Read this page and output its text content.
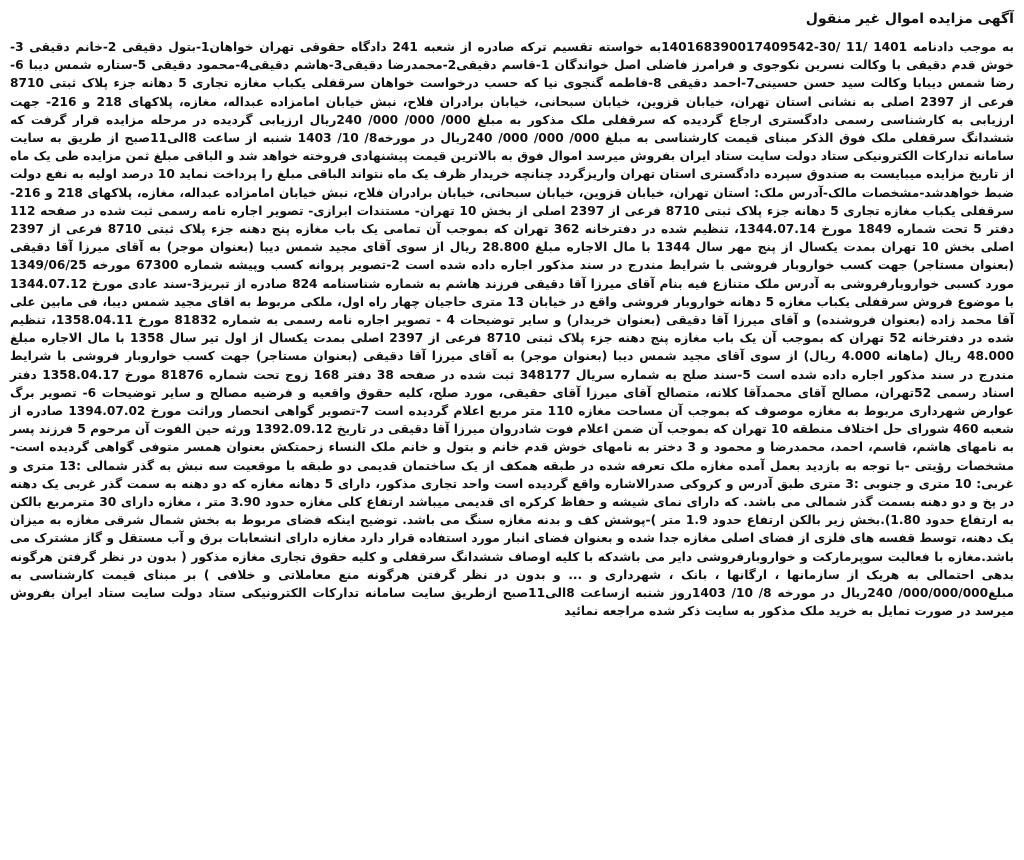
آگهی مزایده اموال غیر منقول

به موجب دادنامه 14016839001740954‪2‬-30/ 11/ 1401به خواسته تقسیم ترکه صادره از شعبه 241 دادگاه حقوقی تهران خواهان1-بتول دقیقی 2-خانم دقیقی 3-خوش قدم دقیقی با وکالت نسرین نکوجوی و فرامرز فاضلی اصل خواندگان 1-قاسم دقیقی2-محمدرضا دقیقی3-هاشم دقیقی4-محمود دقیقی 5-ستاره شمس دیبا 6-رضا شمس دیبابا وکالت سید حسن حسینی7-احمد دقیقی 8-فاطمه گنجوی نیا که حسب درخواست خواهان سرقفلی یکباب مغازه تجاری 5 دهانه جزء پلاک ثبتی 8710 فرعی از 2397 اصلی به نشانی استان تهران، خیابان قزوین، خیابان سبحانی، خیابان برادران فلاح، نبش خیابان امامزاده عبداله، مغازه، پلاکهای 218 و 216- جهت ارزیابی به کارشناسی رسمی دادگستری ارجاع گردیده که سرقفلی ملک مذکور به مبلغ 000/ 000/ 000/ 240ریال ارزیابی گردیده در مرحله مزایده قرار گرفت که ششدانگ سرقفلی ملک فوق الذکر مبنای قیمت کارشناسی به مبلغ 000/ 000/ 000/ 240ریال در مورخه8/ 10/ 1403 شنبه از ساعت 8الی11صبح از طریق به سایت سامانه تدارکات الکترونیکی ستاد دولت سایت ستاد ایران بفروش میرسد اموال فوق به بالاترین قیمت پیشنهادی فروخته خواهد شد و الباقی مبلغ ثمن مزایده طی یک ماه از تاریخ مزایده میبایست به صندوق سپرده دادگستری استان تهران واریزگردد چنانچه خریدار ظرف یک ماه نتواند الباقی مبلغ را پرداخت نماید 10 درصد اولیه به نفع دولت ضبط خواهدشد-مشخصات مالک-آدرس ملک: استان تهران، خیابان قزوین، خیابان سبحانی، خیابان برادران فلاح، نبش خیابان امامزاده عبداله، مغازه، پلاکهای 218 و 216- سرقفلی یکباب مغازه تجاری 5 دهانه جزء پلاک ثبتی 8710 فرعی از 2397 اصلی از بخش 10 تهران- مستندات ابرازی- تصویر اجاره نامه رسمی ثبت شده در صفحه 112 دفتر 5 تحت شماره 1849 مورخ 1344.07.14، تنظیم شده در دفترخانه 362 تهران که بموجب آن تمامی یک باب مغازه پنج دهنه جزء پلاک ثبتی 8710 فرعی از 2397 اصلی بخش 10 تهران بمدت یکسال از پنج مهر سال 1344 با مال الاجاره مبلغ 28.800 ریال از سوی آقای مجید شمس دیبا (بعنوان موجر) به آقای میرزا آقا دقیقی (بعنوان مستاجر) جهت کسب خواروبار فروشی با شرایط مندرج در سند مذکور اجاره داده شده است 2-تصویر پروانه کسب وپیشه شماره 67300 مورخه 1349/06/25 مورد کسبی خواروبارفروشی به آدرس ملک متنازع فیه بنام آقای میرزا آقا دقیقی فرزند هاشم به شماره شناسنامه 824 صادره از تبریز3-سند عادی مورخ 1344.07.12 با موضوع فروش سرقفلی یکباب مغازه 5 دهانه خواروبار فروشی واقع در خیابان 13 متری حاجیان چهار راه اول، ملکی مربوط به اقای مجید شمس دیبا، فی مابین علی آقا محمد زاده (بعنوان فروشنده) و آقای میرزا آقا دقیقی (بعنوان خریدار) و سایر توضیحات 4 - تصویر اجاره نامه رسمی به شماره 81832 مورخ 1358.04.11، تنظیم شده در دفترخانه 52 تهران که بموجب آن یک باب مغازه پنج دهنه جزء پلاک ثبتی 8710 فرعی از 2397 اصلی بمدت یکسال از اول تیر سال 1358 با مال الاجاره مبلغ 48.000 ریال (ماهانه 4.000 ریال) از سوی آقای مجید شمس دیبا (بعنوان موجر) به آقای میرزا آقا دقیقی (بعنوان مستاجر) جهت کسب خواروبار فروشی با شرایط مندرج در سند مذکور اجاره داده شده است 5-سند صلح به شماره سریال 348177 ثبت شده در صفحه 38 دفتر 168 زوج تحت شماره 81876 مورخ 1358.04.17 دفتر اسناد رسمی 52تهران، مصالح آقای محمدآقا کلانه، متصالح آقای میرزا آقای حقیقی، مورد صلح، کلیه حقوق واقعیه و فرضیه مصالح و سایر توضیحات 6- تصویر برگ عوارض شهرداری مربوط به مغازه موصوف که بموجب آن مساحت مغازه 110 متر مربع اعلام گردیده است 7-تصویر گواهی انحصار وراثت مورخ 1394.07.02 صادره از شعبه 460 شورای حل اختلاف منطقه 10 تهران که بموجب آن ضمن اعلام فوت شادروان میرزا آقا دقیقی در تاریخ 1392.09.12 ورثه حین الفوت آن مرحوم 5 فرزند پسر به نامهای هاشم، قاسم، احمد، محمدرضا و محمود و 3 دختر به نامهای خوش قدم خانم و بتول و خانم ملک النساء زحمتکش بعنوان همسر متوفی گواهی گردیده است-مشخصات رؤیتی -با توجه به بازدید بعمل آمده مغازه ملک تعرفه شده در طبقه همکف از یک ساختمان قدیمی دو طبقه با موقعیت سه نبش به گذر شمالی :13 متری و غربی: 10 متری و جنوبی :3 متری طبق آدرس و کروکی صدرالاشاره واقع گردیده است واحد تجاری مذکور، دارای 5 دهانه مغازه که دو دهنه به سمت گذر غربی یک دهنه در پخ و دو دهنه بسمت گذر شمالی می باشد. که دارای نمای شیشه و حفاظ کرکره ای قدیمی میباشد ارتفاع کلی مغازه حدود 3.90 متر ، مغازه دارای 30 مترمربع بالکن به ارتفاع حدود 1.80).بخش زیر بالکن ارتفاع حدود 1.9 متر )-پوشش کف و بدنه مغازه سنگ می باشد. توضیح اینکه فضای مربوط به بخش شمال شرقی مغازه به میزان یک دهنه، توسط قفسه های فلزی از فضای اصلی مغازه جدا شده و بعنوان فضای انبار مورد استفاده قرار دارد مغازه دارای انشعابات برق و آب مستقل و گاز مشترک می باشد.مغازه با فعالیت سوپرمارکت و خواروبارفروشی دایر می باشدکه با کلیه اوصاف ششدانگ سرقفلی و کلیه حقوق تجاری مغازه مذکور ( بدون در نظر گرفتن هرگونه بدهی احتمالی به هریک از سازمانها ، ارگانها ، بانک ، شهرداری و ... و بدون در نظر گرفتن هرگونه منع معاملاتی و خلافی ) بر مبنای قیمت کارشناسی به مبلغ000/000/000/ 240ریال در مورخه 8/ 10/ 1403روز شنبه ازساعت 8الی11صبح ازطریق سایت سامانه تدارکات الکترونیکی ستاد دولت سایت ستاد ایران بفروش میرسد در صورت تمایل به خرید ملک مذکور به سایت ذکر شده مراجعه نمائید
